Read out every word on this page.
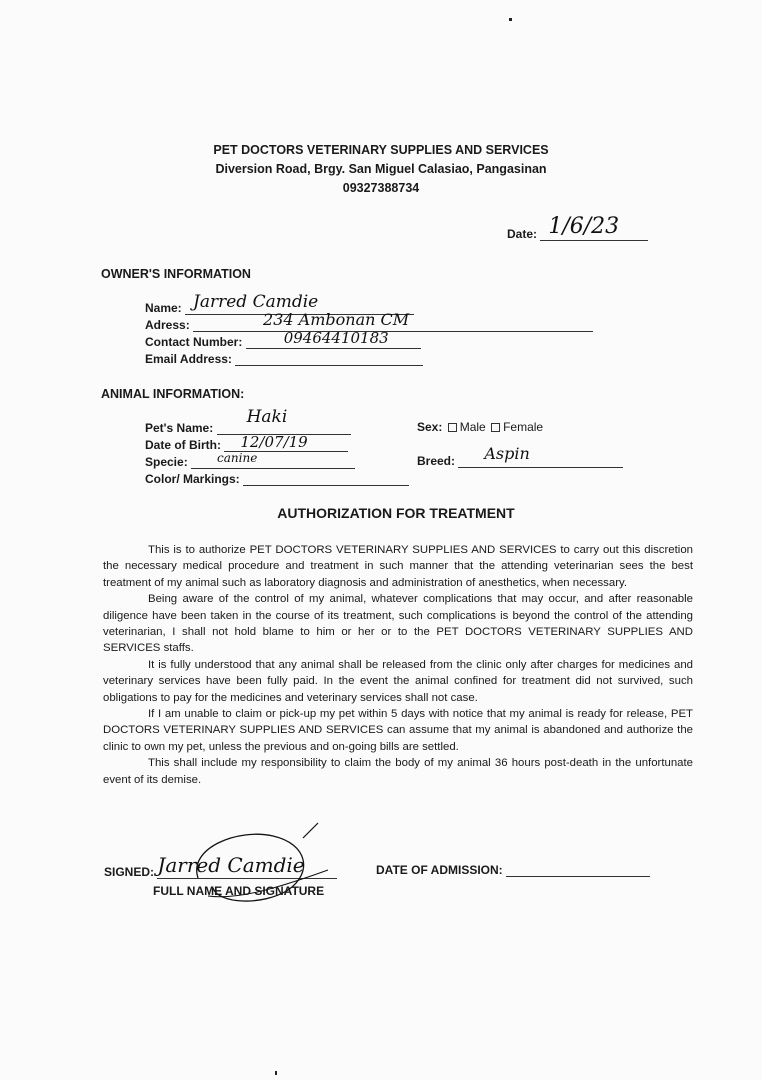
PET DOCTORS VETERINARY SUPPLIES AND SERVICES
Diversion Road, Brgy. San Miguel Calasiao, Pangasinan
09327388734
Date: 1/6/23
OWNER'S INFORMATION
Name: Jarred Camdie
Adress:	234 Ambonan CM
Contact Number:	09464410183
Email Address:
ANIMAL INFORMATION:
Pet's Name:
Haki
Date of Birth: 12/07/19
Specie: canine
Color/ Markings:
Sex: Male Female
Breed: Aspin
AUTHORIZATION FOR TREATMENT

This is to authorize PET DOCTORS VETERINARY SUPPLIES AND SERVICES to carry out this discretion the necessary medical procedure and treatment in such manner that the attending veterinarian sees the best treatment of my animal such as laboratory diagnosis and administration of anesthetics, when necessary.

Being aware of the control of my animal, whatever complications that may occur, and after reasonable diligence have been taken in the course of its treatment, such complications is beyond the control of the attending veterinarian, I shall not hold blame to him or her or to the PET DOCTORS VETERINARY SUPPLIES AND SERVICES staffs.

It is fully understood that any animal shall be released from the clinic only after charges for medicines and veterinary services have been fully paid. In the event the animal confined for treatment did not survived, such obligations to pay for the medicines and veterinary services shall not case.

If I am unable to claim or pick-up my pet within 5 days with notice that my animal is ready for release, PET DOCTORS VETERINARY SUPPLIES AND SERVICES can assume that my animal is abandoned and authorize the clinic to own my pet, unless the previous and on-going bills are settled.

This shall include my responsibility to claim the body of my animal 36 hours post-death in the unfortunate event of its demise.

SIGNED: Jarred Camdie
FULL NAME AND SIGNATURE
DATE OF ADMISSION:
